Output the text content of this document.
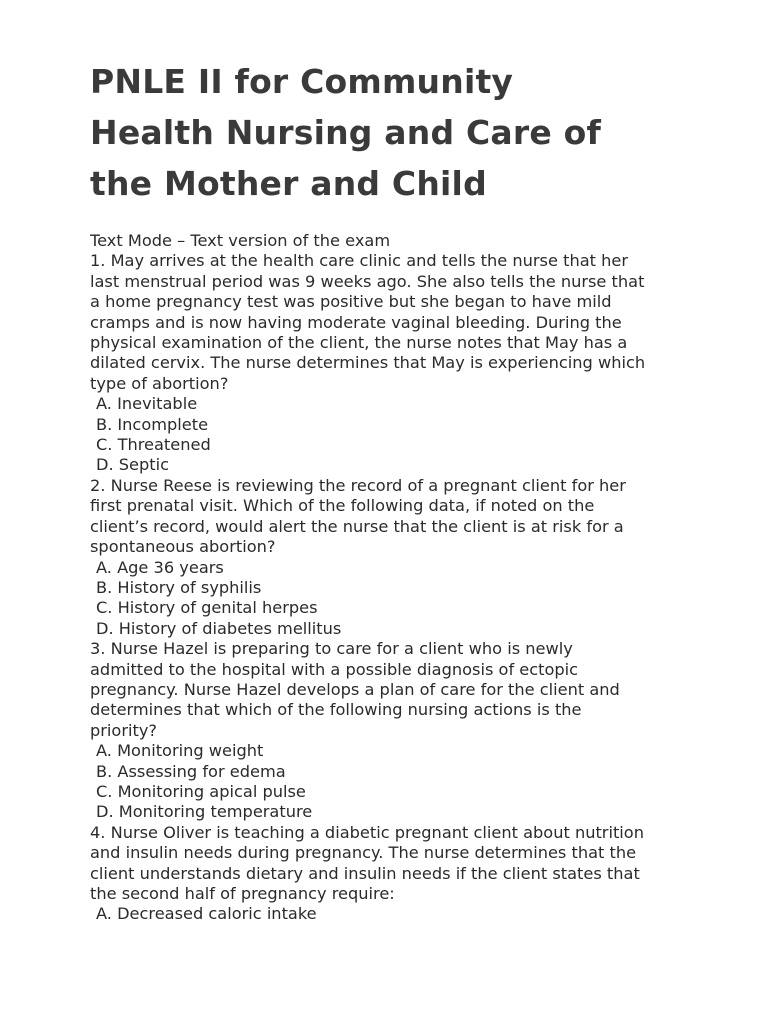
PNLE II for Community
Health Nursing and Care of
the Mother and Child
Text Mode – Text version of the exam
1. May arrives at the health care clinic and tells the nurse that her
last menstrual period was 9 weeks ago. She also tells the nurse that
a home pregnancy test was positive but she began to have mild
cramps and is now having moderate vaginal bleeding. During the
physical examination of the client, the nurse notes that May has a
dilated cervix. The nurse determines that May is experiencing which
type of abortion?
A. Inevitable
B. Incomplete
C. Threatened
D. Septic
2. Nurse Reese is reviewing the record of a pregnant client for her
first prenatal visit. Which of the following data, if noted on the
client’s record, would alert the nurse that the client is at risk for a
spontaneous abortion?
A. Age 36 years
B. History of syphilis
C. History of genital herpes
D. History of diabetes mellitus
3. Nurse Hazel is preparing to care for a client who is newly
admitted to the hospital with a possible diagnosis of ectopic
pregnancy. Nurse Hazel develops a plan of care for the client and
determines that which of the following nursing actions is the
priority?
A. Monitoring weight
B. Assessing for edema
C. Monitoring apical pulse
D. Monitoring temperature
4. Nurse Oliver is teaching a diabetic pregnant client about nutrition
and insulin needs during pregnancy. The nurse determines that the
client understands dietary and insulin needs if the client states that
the second half of pregnancy require:
A. Decreased caloric intake
